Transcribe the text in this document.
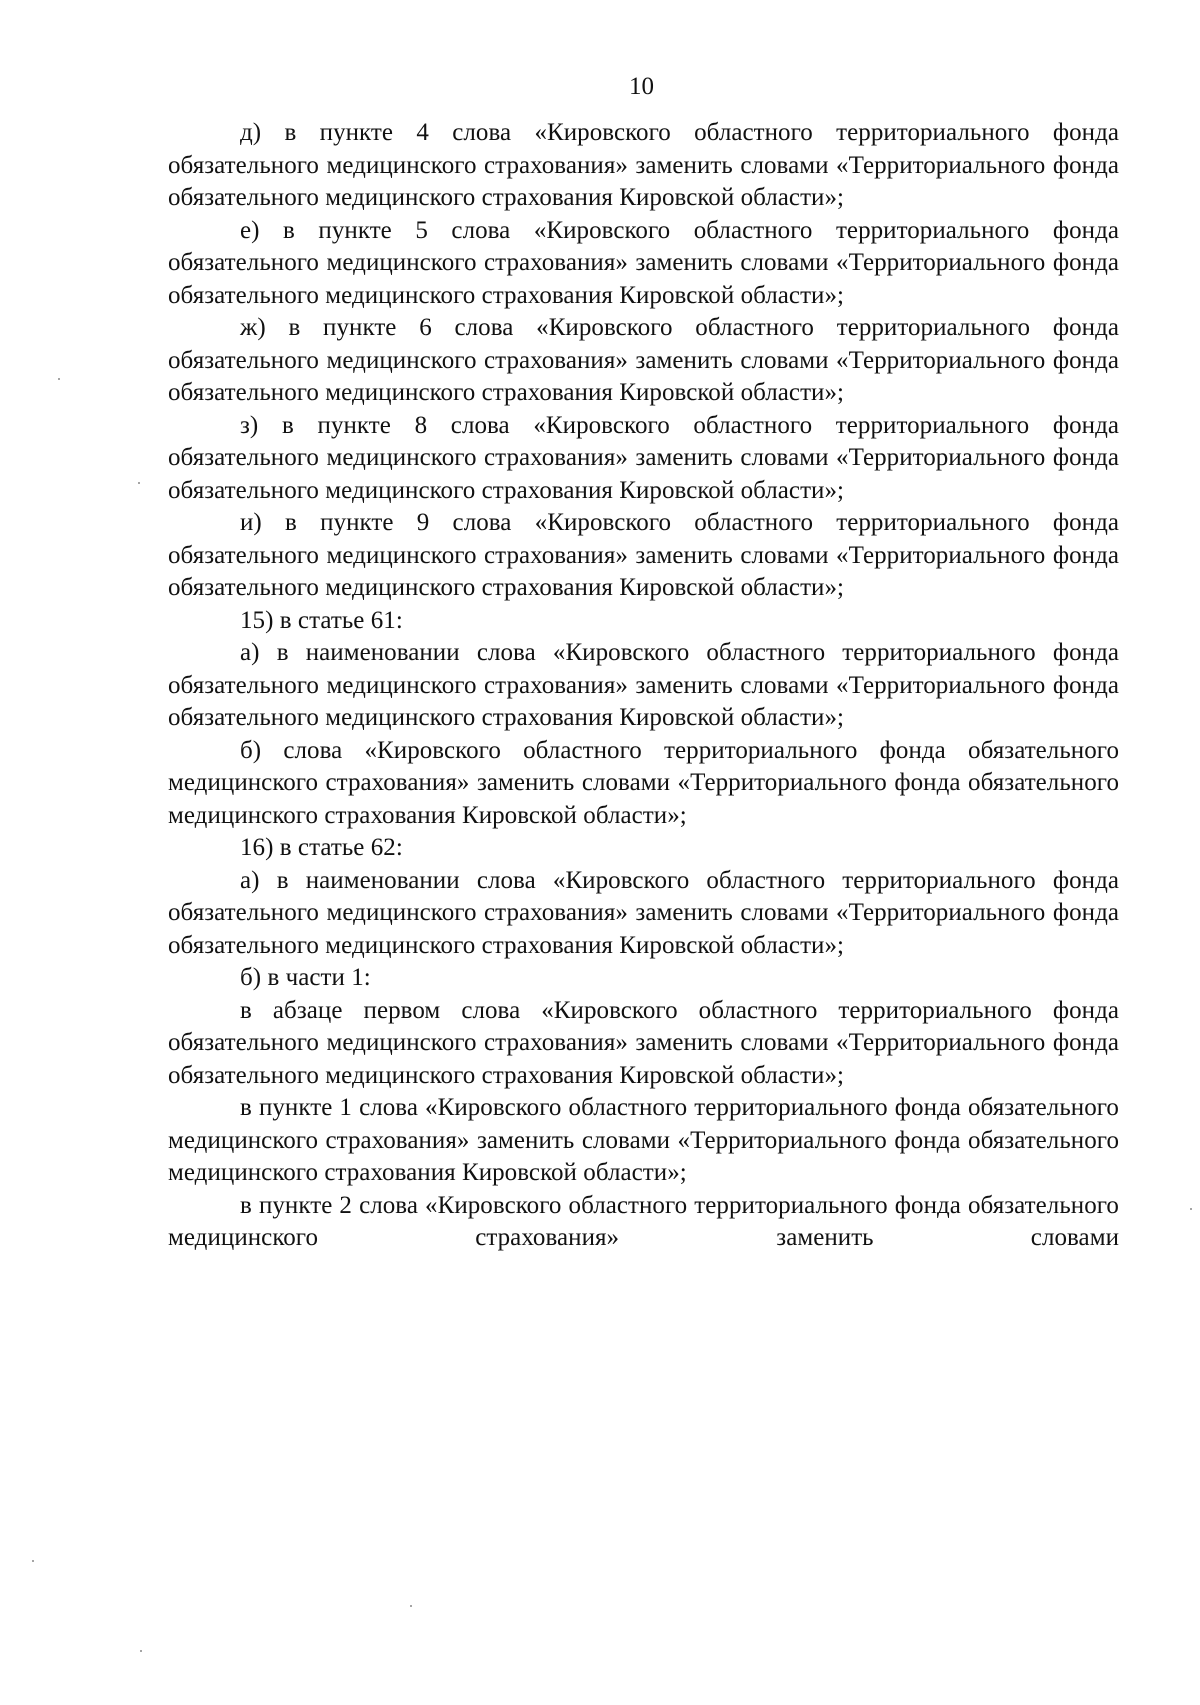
10

д) в пункте 4 слова «Кировского областного территориального фонда обязательного медицинского страхования» заменить словами «Территориального фонда обязательного медицинского страхования Кировской области»;

е) в пункте 5 слова «Кировского областного территориального фонда обязательного медицинского страхования» заменить словами «Территориального фонда обязательного медицинского страхования Кировской области»;

ж) в пункте 6 слова «Кировского областного территориального фонда обязательного медицинского страхования» заменить словами «Территориального фонда обязательного медицинского страхования Кировской области»;

з) в пункте 8 слова «Кировского областного территориального фонда обязательного медицинского страхования» заменить словами «Территориального фонда обязательного медицинского страхования Кировской области»;

и) в пункте 9 слова «Кировского областного территориального фонда обязательного медицинского страхования» заменить словами «Территориального фонда обязательного медицинского страхования Кировской области»;

15) в статье 61:

а) в наименовании слова «Кировского областного территориального фонда обязательного медицинского страхования» заменить словами «Территориального фонда обязательного медицинского страхования Кировской области»;

б) слова «Кировского областного территориального фонда обязательного медицинского страхования» заменить словами «Территориального фонда обязательного медицинского страхования Кировской области»;

16) в статье 62:

а) в наименовании слова «Кировского областного территориального фонда обязательного медицинского страхования» заменить словами «Территориального фонда обязательного медицинского страхования Кировской области»;

б) в части 1:

в абзаце первом слова «Кировского областного территориального фонда обязательного медицинского страхования» заменить словами «Территориального фонда обязательного медицинского страхования Кировской области»;

в пункте 1 слова «Кировского областного территориального фонда обязательного медицинского страхования» заменить словами «Территориального фонда обязательного медицинского страхования Кировской области»;

в пункте 2 слова «Кировского областного территориального фонда обязательного медицинского страхования» заменить словами
